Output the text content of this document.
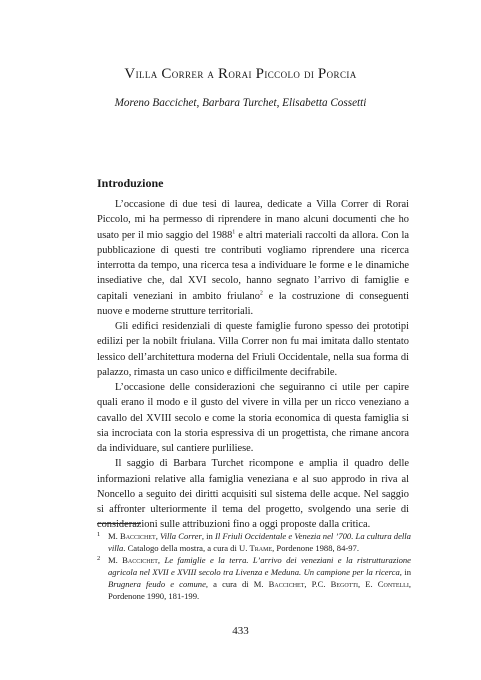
Villa Correr a Rorai Piccolo di Porcia

Moreno Baccichet, Barbara Turchet, Elisabetta Cossetti

Introduzione

L’occasione di due tesi di laurea, dedicate a Villa Correr di Rorai Piccolo, mi ha permesso di riprendere in mano alcuni documenti che ho usato per il mio saggio del 1988$^1$ e altri materiali raccolti da allora. Con la pubblicazione di questi tre contributi vogliamo riprendere una ricerca interrotta da tempo, una ricerca tesa a individuare le forme e le dinamiche insediative che, dal XVI secolo, hanno segnato l’arrivo di famiglie e capitali veneziani in ambito friulano$^2$ e la costruzione di conseguenti nuove e moderne strutture territoriali.

Gli edifici residenziali di queste famiglie furono spesso dei prototipi edilizi per la nobilt friulana. Villa Correr non fu mai imitata dallo stentato lessico dell’architettura moderna del Friuli Occidentale, nella sua forma di palazzo, rimasta un caso unico e difficilmente decifrabile.

L’occasione delle considerazioni che seguiranno ci utile per capire quali erano il modo e il gusto del vivere in villa per un ricco veneziano a cavallo del XVIII secolo e come la storia economica di questa famiglia si sia incrociata con la storia espressiva di un progettista, che rimane ancora da individuare, sul cantiere purliliese.

Il saggio di Barbara Turchet ricompone e amplia il quadro delle informazioni relative alla famiglia veneziana e al suo approdo in riva al Noncello a seguito dei diritti acquisiti sul sistema delle acque. Nel saggio si affronter ulteriormente il tema del progetto, svolgendo una serie di considerazioni sulle attribuzioni fino a oggi proposte dalla critica.

1 M. Baccichet, Villa Correr, in Il Friuli Occidentale e Venezia nel ’700. La cultura della villa. Catalogo della mostra, a cura di U. Trame, Pordenone 1988, 84-97.

2 M. Baccichet, Le famiglie e la terra. L’arrivo dei veneziani e la ristrutturazione agricola nel XVII e XVIII secolo tra Livenza e Meduna. Un campione per la ricerca, in Brugnera feudo e comune, a cura di M. Baccichet, P.C. Begotti, E. Contelli, Pordenone 1990, 181-199.

433
